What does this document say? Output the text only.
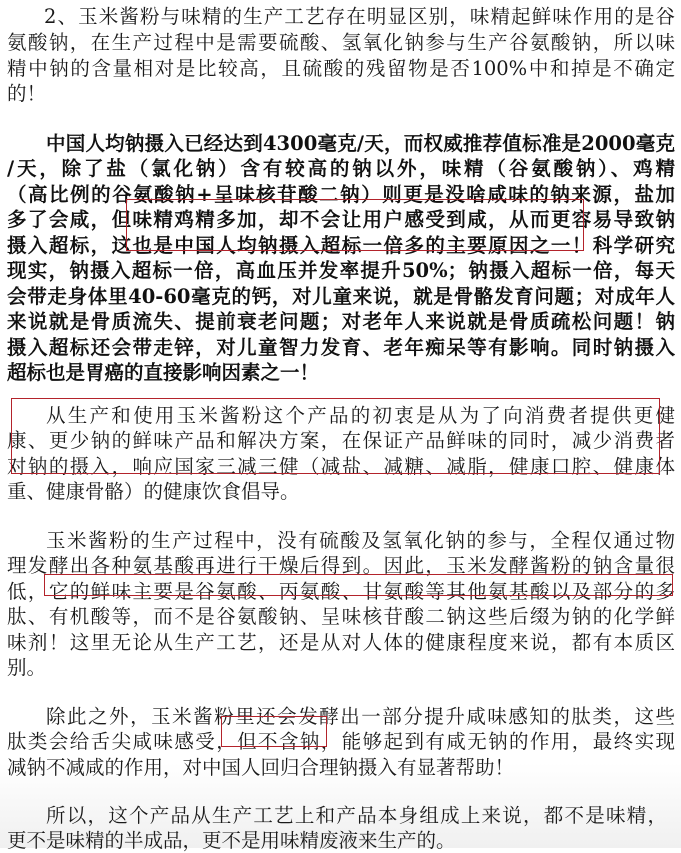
2、玉米酱粉与味精的生产工艺存在明显区别，味精起鲜味作用的是谷
氨酸钠，在生产过程中是需要硫酸、氢氧化钠参与生产谷氨酸钠，所以味
精中钠的含量相对是比较高，且硫酸的残留物是否100%中和掉是不确定
的！
中国人均钠摄入已经达到4300毫克/天，而权威推荐值标准是2000毫克
/天，除了盐（氯化钠）含有较高的钠以外，味精（谷氨酸钠）、鸡精
（高比例的谷氨酸钠+呈味核苷酸二钠）则更是没啥咸味的钠来源，盐加
多了会咸，但味精鸡精多加，却不会让用户感受到咸，从而更容易导致钠
摄入超标，这也是中国人均钠摄入超标一倍多的主要原因之一！科学研究
现实，钠摄入超标一倍，高血压并发率提升50%；钠摄入超标一倍，每天
会带走身体里40-60毫克的钙，对儿童来说，就是骨骼发育问题；对成年人
来说就是骨质流失、提前衰老问题；对老年人来说就是骨质疏松问题！钠
摄入超标还会带走锌，对儿童智力发育、老年痴呆等有影响。同时钠摄入
超标也是胃癌的直接影响因素之一！
从生产和使用玉米酱粉这个产品的初衷是从为了向消费者提供更健
康、更少钠的鲜味产品和解决方案，在保证产品鲜味的同时，减少消费者
对钠的摄入，响应国家三减三健（减盐、减糖、减脂，健康口腔、健康体
重、健康骨骼）的健康饮食倡导。
玉米酱粉的生产过程中，没有硫酸及氢氧化钠的参与，全程仅通过物
理发酵出各种氨基酸再进行干燥后得到。因此，玉米发酵酱粉的钠含量很
低，它的鲜味主要是谷氨酸、丙氨酸、甘氨酸等其他氨基酸以及部分的多
肽、有机酸等，而不是谷氨酸钠、呈味核苷酸二钠这些后缀为钠的化学鲜
味剂！这里无论从生产工艺，还是从对人体的健康程度来说，都有本质区
别。
除此之外，玉米酱粉里还会发酵出一部分提升咸味感知的肽类，这些
肽类会给舌尖咸味感受，但不含钠，能够起到有咸无钠的作用，最终实现
减钠不减咸的作用，对中国人回归合理钠摄入有显著帮助！
所以，这个产品从生产工艺上和产品本身组成上来说，都不是味精，
更不是味精的半成品，更不是用味精废液来生产的。
